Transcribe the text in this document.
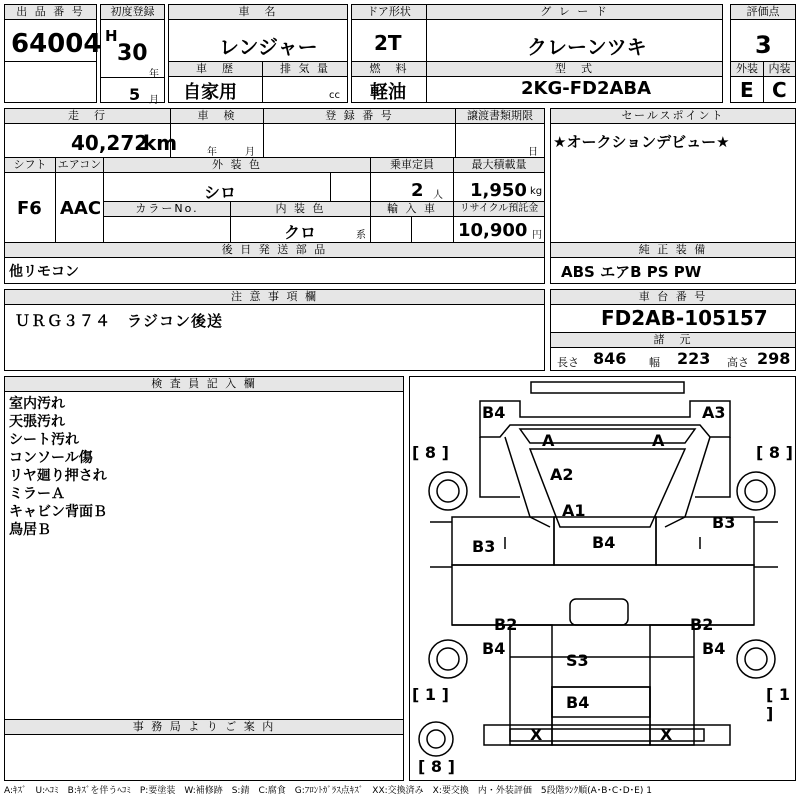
出 品 番 号
64004
初度登録
H
30
年
5 月
車　名
レンジャー
車　歴
自家用
排 気 量
cc
ドア形状
2T
燃　料
軽油
グ レ ー ド
クレーンツキ
型　式
2KG-FD2ABA
評価点
3
外装
E
内装
C
走　行
40,272
km
車　検
年	月
登 録 番 号	譲渡書類期限
日
セールスポイント
★オークションデビュー★
シフト
F6
エアコン
AAC
外 装 色
シロ
カラーNo.	内 装 色
クロ	系
乗車定員
2 人
輸 入 車
最大積載量
1,950 kg
リサイクル預託金
10,900 円
後 日 発 送 部 品
他リモコン
純 正 装 備
ABS エアB PS PW
注 意 事 項 欄
ＵＲＧ３７４　ラジコン後送
車 台 番 号
FD2AB-105157
諸　元
長さ 846 幅 223 高さ 298
検 査 員 記 入 欄
室内汚れ
天張汚れ
シート汚れ
コンソール傷
リヤ廻り押され
ミラーＡ
キャビン背面Ｂ
鳥居Ｂ
事 務 局 よ り ご 案 内
B4	A3
A	A
A2
A1
B3
B3
B4
B2	B2
B4	B4
S3
B4
X	X
[ 8 ]	[ 8 ]
[ 1 ]	[ 1 ]
[ 8 ]
A:ｷｽﾞ　U:ﾍｺﾐ　B:ｷｽﾞを伴うﾍｺﾐ　P:要塗装　W:補修跡　S:錆　C:腐食　G:ﾌﾛﾝﾄｶﾞﾗｽ点ｷｽﾞ　XX:交換済み　X:要交換　内・外装評価　5段階ﾗﾝｸ順(A･B･C･D･E) 1
